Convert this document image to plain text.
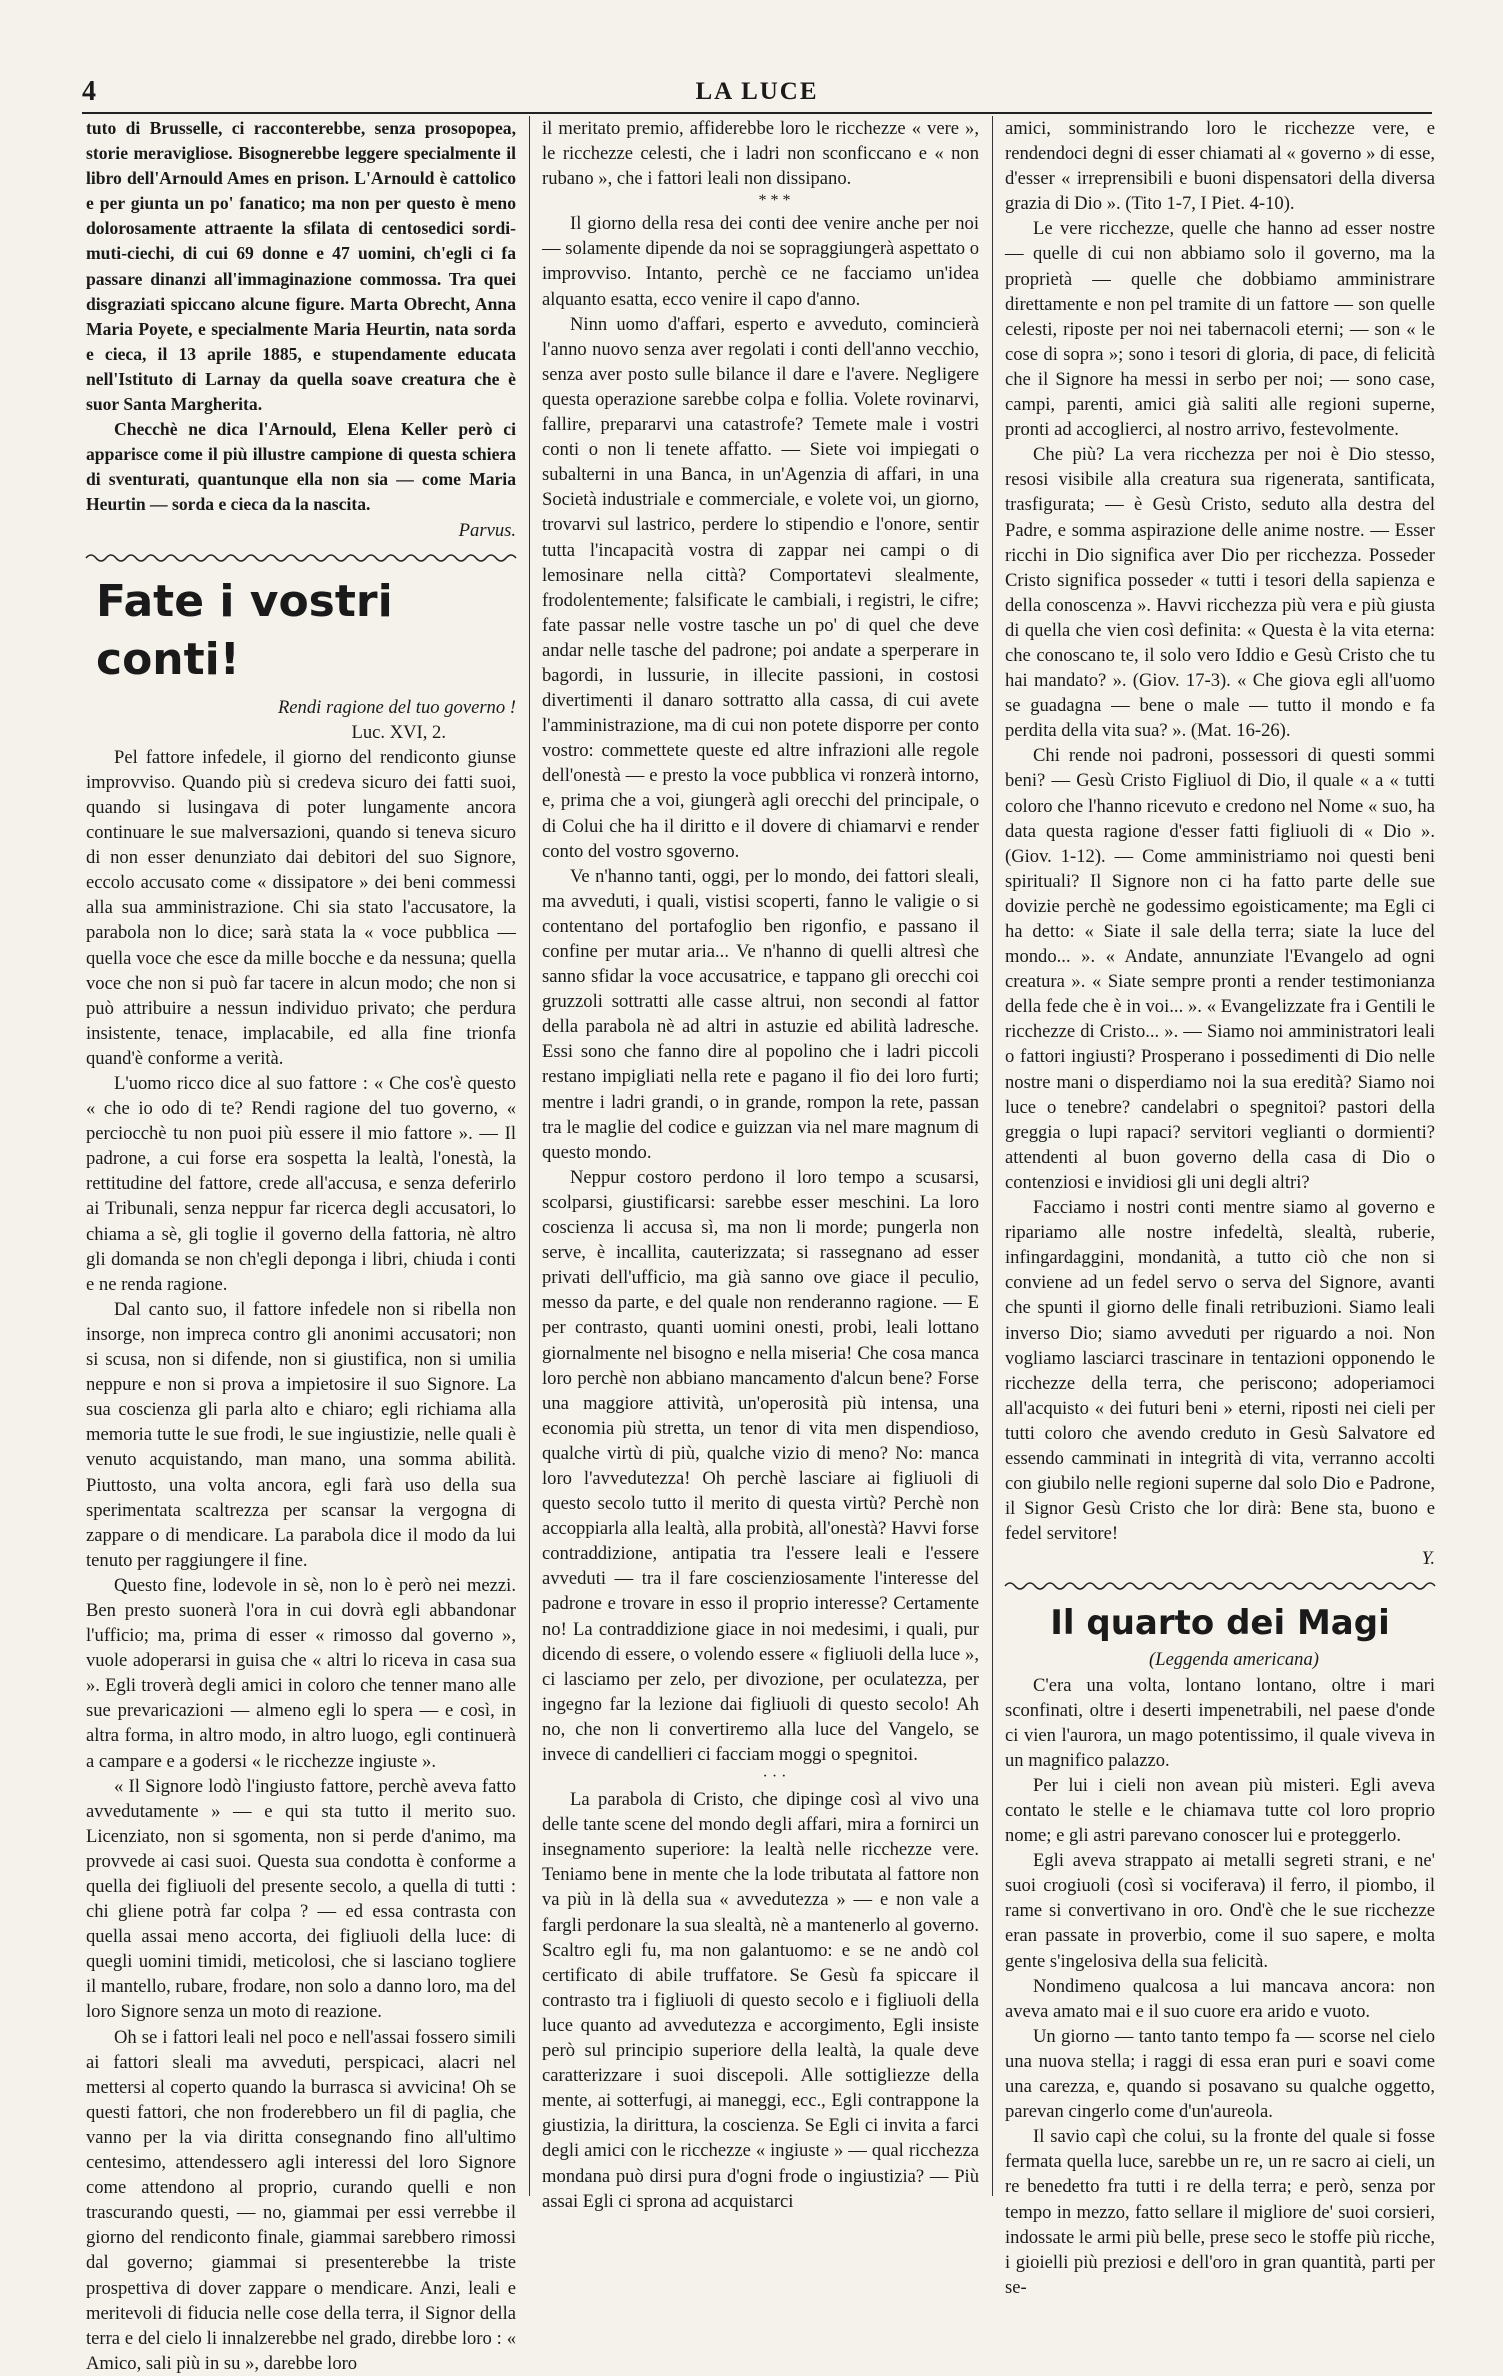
4	LA LUCE

tuto di Brusselle, ci racconterebbe, senza prosopopea, storie meravigliose. Bisognerebbe leggere specialmente il libro dell'Arnould Ames en prison. L'Arnould è cattolico e per giunta un po' fanatico; ma non per questo è meno dolorosamente attraente la sfilata di centosedici sordi-muti-ciechi, di cui 69 donne e 47 uomini, ch'egli ci fa passare dinanzi all'immaginazione commossa. Tra quei disgraziati spiccano alcune figure. Marta Obrecht, Anna Maria Poyete, e specialmente Maria Heurtin, nata sorda e cieca, il 13 aprile 1885, e stupendamente educata nell'Istituto di Larnay da quella soave creatura che è suor Santa Margherita.

Checchè ne dica l'Arnould, Elena Keller però ci apparisce come il più illustre campione di questa schiera di sventurati, quantunque ella non sia — come Maria Heurtin — sorda e cieca da la nascita.

Parvus.

Fate i vostri conti!

Rendi ragione del tuo governo !

Luc. XVI, 2.

Pel fattore infedele, il giorno del rendiconto giunse improvviso. Quando più si credeva sicuro dei fatti suoi, quando si lusingava di poter lungamente ancora continuare le sue malversazioni, quando si teneva sicuro di non esser denunziato dai debitori del suo Signore, eccolo accusato come « dissipatore » dei beni commessi alla sua amministrazione. Chi sia stato l'accusatore, la parabola non lo dice; sarà stata la « voce pubblica — quella voce che esce da mille bocche e da nessuna; quella voce che non si può far tacere in alcun modo; che non si può attribuire a nessun individuo privato; che perdura insistente, tenace, implacabile, ed alla fine trionfa quand'è conforme a verità.

L'uomo ricco dice al suo fattore : « Che cos'è questo « che io odo di te? Rendi ragione del tuo governo, « perciocchè tu non puoi più essere il mio fattore ». — Il padrone, a cui forse era sospetta la lealtà, l'onestà, la rettitudine del fattore, crede all'accusa, e senza deferirlo ai Tribunali, senza neppur far ricerca degli accusatori, lo chiama a sè, gli toglie il governo della fattoria, nè altro gli domanda se non ch'egli deponga i libri, chiuda i conti e ne renda ragione.

Dal canto suo, il fattore infedele non si ribella non insorge, non impreca contro gli anonimi accusatori; non si scusa, non si difende, non si giustifica, non si umilia neppure e non si prova a impietosire il suo Signore. La sua coscienza gli parla alto e chiaro; egli richiama alla memoria tutte le sue frodi, le sue ingiustizie, nelle quali è venuto acquistando, man mano, una somma abilità. Piuttosto, una volta ancora, egli farà uso della sua sperimentata scaltrezza per scansar la vergogna di zappare o di mendicare. La parabola dice il modo da lui tenuto per raggiungere il fine.

Questo fine, lodevole in sè, non lo è però nei mezzi. Ben presto suonerà l'ora in cui dovrà egli abbandonar l'ufficio; ma, prima di esser « rimosso dal governo », vuole adoperarsi in guisa che « altri lo riceva in casa sua ». Egli troverà degli amici in coloro che tenner mano alle sue prevaricazioni — almeno egli lo spera — e così, in altra forma, in altro modo, in altro luogo, egli continuerà a campare e a godersi « le ricchezze ingiuste ».

« Il Signore lodò l'ingiusto fattore, perchè aveva fatto avvedutamente » — e qui sta tutto il merito suo. Licenziato, non si sgomenta, non si perde d'animo, ma provvede ai casi suoi. Questa sua condotta è conforme a quella dei figliuoli del presente secolo, a quella di tutti : chi gliene potrà far colpa ? — ed essa contrasta con quella assai meno accorta, dei figliuoli della luce: di quegli uomini timidi, meticolosi, che si lasciano togliere il mantello, rubare, frodare, non solo a danno loro, ma del loro Signore senza un moto di reazione.

Oh se i fattori leali nel poco e nell'assai fossero simili ai fattori sleali ma avveduti, perspicaci, alacri nel mettersi al coperto quando la burrasca si avvicina! Oh se questi fattori, che non froderebbero un fil di paglia, che vanno per la via diritta consegnando fino all'ultimo centesimo, attendessero agli interessi del loro Signore come attendono al proprio, curando quelli e non trascurando questi, — no, giammai per essi verrebbe il giorno del rendiconto finale, giammai sarebbero rimossi dal governo; giammai si presenterebbe la triste prospettiva di dover zappare o mendicare. Anzi, leali e meritevoli di fiducia nelle cose della terra, il Signor della terra e del cielo li innalzerebbe nel grado, direbbe loro : « Amico, sali più in su », darebbe loro

il meritato premio, affiderebbe loro le ricchezze « vere », le ricchezze celesti, che i ladri non sconficcano e « non rubano », che i fattori leali non dissipano.

* * *

Il giorno della resa dei conti dee venire anche per noi — solamente dipende da noi se sopraggiungerà aspettato o improvviso. Intanto, perchè ce ne facciamo un'idea alquanto esatta, ecco venire il capo d'anno.

Ninn uomo d'affari, esperto e avveduto, comincierà l'anno nuovo senza aver regolati i conti dell'anno vecchio, senza aver posto sulle bilance il dare e l'avere. Negligere questa operazione sarebbe colpa e follia. Volete rovinarvi, fallire, prepararvi una catastrofe? Temete male i vostri conti o non li tenete affatto. — Siete voi impiegati o subalterni in una Banca, in un'Agenzia di affari, in una Società industriale e commerciale, e volete voi, un giorno, trovarvi sul lastrico, perdere lo stipendio e l'onore, sentir tutta l'incapacità vostra di zappar nei campi o di lemosinare nella città? Comportatevi slealmente, frodolentemente; falsificate le cambiali, i registri, le cifre; fate passar nelle vostre tasche un po' di quel che deve andar nelle tasche del padrone; poi andate a sperperare in bagordi, in lussurie, in illecite passioni, in costosi divertimenti il danaro sottratto alla cassa, di cui avete l'amministrazione, ma di cui non potete disporre per conto vostro: commettete queste ed altre infrazioni alle regole dell'onestà — e presto la voce pubblica vi ronzerà intorno, e, prima che a voi, giungerà agli orecchi del principale, o di Colui che ha il diritto e il dovere di chiamarvi e render conto del vostro sgoverno.

Ve n'hanno tanti, oggi, per lo mondo, dei fattori sleali, ma avveduti, i quali, vistisi scoperti, fanno le valigie o si contentano del portafoglio ben rigonfio, e passano il confine per mutar aria... Ve n'hanno di quelli altresì che sanno sfidar la voce accusatrice, e tappano gli orecchi coi gruzzoli sottratti alle casse altrui, non secondi al fattor della parabola nè ad altri in astuzie ed abilità ladresche. Essi sono che fanno dire al popolino che i ladri piccoli restano impigliati nella rete e pagano il fio dei loro furti; mentre i ladri grandi, o in grande, rompon la rete, passan tra le maglie del codice e guizzan via nel mare magnum di questo mondo.

Neppur costoro perdono il loro tempo a scusarsi, scolparsi, giustificarsi: sarebbe esser meschini. La loro coscienza li accusa sì, ma non li morde; pungerla non serve, è incallita, cauterizzata; si rassegnano ad esser privati dell'ufficio, ma già sanno ove giace il peculio, messo da parte, e del quale non renderanno ragione. — E per contrasto, quanti uomini onesti, probi, leali lottano giornalmente nel bisogno e nella miseria! Che cosa manca loro perchè non abbiano mancamento d'alcun bene? Forse una maggiore attività, un'operosità più intensa, una economia più stretta, un tenor di vita men dispendioso, qualche virtù di più, qualche vizio di meno? No: manca loro l'avvedutezza! Oh perchè lasciare ai figliuoli di questo secolo tutto il merito di questa virtù? Perchè non accoppiarla alla lealtà, alla probità, all'onestà? Havvi forse contraddizione, antipatia tra l'essere leali e l'essere avveduti — tra il fare coscienziosamente l'interesse del padrone e trovare in esso il proprio interesse? Certamente no! La contraddizione giace in noi medesimi, i quali, pur dicendo di essere, o volendo essere « figliuoli della luce », ci lasciamo per zelo, per divozione, per oculatezza, per ingegno far la lezione dai figliuoli di questo secolo! Ah no, che non li convertiremo alla luce del Vangelo, se invece di candellieri ci facciam moggi o spegnitoi.

· · ·

La parabola di Cristo, che dipinge così al vivo una delle tante scene del mondo degli affari, mira a fornirci un insegnamento superiore: la lealtà nelle ricchezze vere. Teniamo bene in mente che la lode tributata al fattore non va più in là della sua « avvedutezza » — e non vale a fargli perdonare la sua slealtà, nè a mantenerlo al governo. Scaltro egli fu, ma non galantuomo: e se ne andò col certificato di abile truffatore. Se Gesù fa spiccare il contrasto tra i figliuoli di questo secolo e i figliuoli della luce quanto ad avvedutezza e accorgimento, Egli insiste però sul principio superiore della lealtà, la quale deve caratterizzare i suoi discepoli. Alle sottigliezze della mente, ai sotterfugi, ai maneggi, ecc., Egli contrappone la giustizia, la dirittura, la coscienza. Se Egli ci invita a farci degli amici con le ricchezze « ingiuste » — qual ricchezza mondana può dirsi pura d'ogni frode o ingiustizia? — Più assai Egli ci sprona ad acquistarci

amici, somministrando loro le ricchezze vere, e rendendoci degni di esser chiamati al « governo » di esse, d'esser « irreprensibili e buoni dispensatori della diversa grazia di Dio ». (Tito 1-7, I Piet. 4-10).

Le vere ricchezze, quelle che hanno ad esser nostre — quelle di cui non abbiamo solo il governo, ma la proprietà — quelle che dobbiamo amministrare direttamente e non pel tramite di un fattore — son quelle celesti, riposte per noi nei tabernacoli eterni; — son « le cose di sopra »; sono i tesori di gloria, di pace, di felicità che il Signore ha messi in serbo per noi; — sono case, campi, parenti, amici già saliti alle regioni superne, pronti ad accoglierci, al nostro arrivo, festevolmente.

Che più? La vera ricchezza per noi è Dio stesso, resosi visibile alla creatura sua rigenerata, santificata, trasfigurata; — è Gesù Cristo, seduto alla destra del Padre, e somma aspirazione delle anime nostre. — Esser ricchi in Dio significa aver Dio per ricchezza. Posseder Cristo significa posseder « tutti i tesori della sapienza e della conoscenza ». Havvi ricchezza più vera e più giusta di quella che vien così definita: « Questa è la vita eterna: che conoscano te, il solo vero Iddio e Gesù Cristo che tu hai mandato? ». (Giov. 17-3). « Che giova egli all'uomo se guadagna — bene o male — tutto il mondo e fa perdita della vita sua? ». (Mat. 16-26).

Chi rende noi padroni, possessori di questi sommi beni? — Gesù Cristo Figliuol di Dio, il quale « a « tutti coloro che l'hanno ricevuto e credono nel Nome « suo, ha data questa ragione d'esser fatti figliuoli di « Dio ». (Giov. 1-12). — Come amministriamo noi questi beni spirituali? Il Signore non ci ha fatto parte delle sue dovizie perchè ne godessimo egoisticamente; ma Egli ci ha detto: « Siate il sale della terra; siate la luce del mondo... ». « Andate, annunziate l'Evangelo ad ogni creatura ». « Siate sempre pronti a render testimonianza della fede che è in voi... ». « Evangelizzate fra i Gentili le ricchezze di Cristo... ». — Siamo noi amministratori leali o fattori ingiusti? Prosperano i possedimenti di Dio nelle nostre mani o disperdiamo noi la sua eredità? Siamo noi luce o tenebre? candelabri o spegnitoi? pastori della greggia o lupi rapaci? servitori veglianti o dormienti? attendenti al buon governo della casa di Dio o contenziosi e invidiosi gli uni degli altri?

Facciamo i nostri conti mentre siamo al governo e ripariamo alle nostre infedeltà, slealtà, ruberie, infingardaggini, mondanità, a tutto ciò che non si conviene ad un fedel servo o serva del Signore, avanti che spunti il giorno delle finali retribuzioni. Siamo leali inverso Dio; siamo avveduti per riguardo a noi. Non vogliamo lasciarci trascinare in tentazioni opponendo le ricchezze della terra, che periscono; adoperiamoci all'acquisto « dei futuri beni » eterni, riposti nei cieli per tutti coloro che avendo creduto in Gesù Salvatore ed essendo camminati in integrità di vita, verranno accolti con giubilo nelle regioni superne dal solo Dio e Padrone, il Signor Gesù Cristo che lor dirà: Bene sta, buono e fedel servitore!

Y.

Il quarto dei Magi

(Leggenda americana)

C'era una volta, lontano lontano, oltre i mari sconfinati, oltre i deserti impenetrabili, nel paese d'onde ci vien l'aurora, un mago potentissimo, il quale viveva in un magnifico palazzo.

Per lui i cieli non avean più misteri. Egli aveva contato le stelle e le chiamava tutte col loro proprio nome; e gli astri parevano conoscer lui e proteggerlo.

Egli aveva strappato ai metalli segreti strani, e ne' suoi crogiuoli (così si vociferava) il ferro, il piombo, il rame si convertivano in oro. Ond'è che le sue ricchezze eran passate in proverbio, come il suo sapere, e molta gente s'ingelosiva della sua felicità.

Nondimeno qualcosa a lui mancava ancora: non aveva amato mai e il suo cuore era arido e vuoto.

Un giorno — tanto tanto tempo fa — scorse nel cielo una nuova stella; i raggi di essa eran puri e soavi come una carezza, e, quando si posavano su qualche oggetto, parevan cingerlo come d'un'aureola.

Il savio capì che colui, su la fronte del quale si fosse fermata quella luce, sarebbe un re, un re sacro ai cieli, un re benedetto fra tutti i re della terra; e però, senza por tempo in mezzo, fatto sellare il migliore de' suoi corsieri, indossate le armi più belle, prese seco le stoffe più ricche, i gioielli più preziosi e dell'oro in gran quantità, parti per se-
